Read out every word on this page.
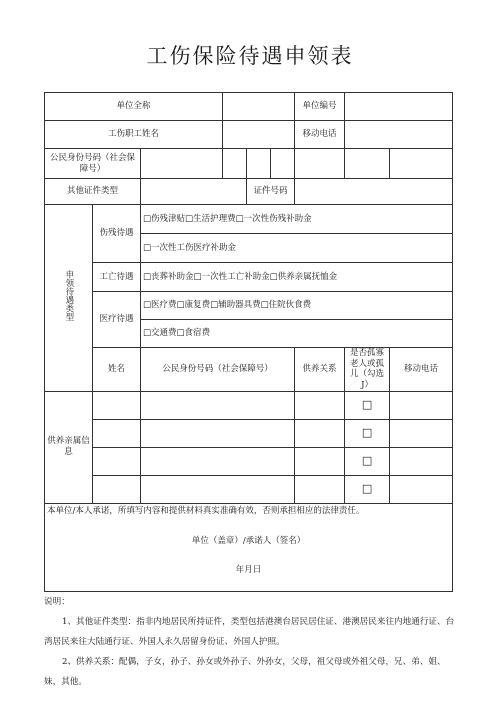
工伤保险待遇申领表
单位全称						单位编号		
工伤职工姓名						移动电话		
公民身份号码（社会保障号）								
其他证件类型				证件号码				
申领待遇类型	伤残待遇	□伤残津贴□生活护理费□一次性伤残补助金						
		□一次性工伤医疗补助金						
	工亡待遇	□丧葬补助金□一次性工亡补助金□供养亲属抚恤金						
	医疗待遇	□医疗费□康复费□辅助器具费□住院伙食费						
		□交通费□食宿费						
	姓名	公民身份号码（社会保障号）				供养关系	是否孤寡老人或孤儿（勾选J）	移动电话
供养亲属信息							□	
							□	
							□	
							□	

本单位/本人承诺，所填写内容和提供材料真实准确有效，否则承担相应的法律责任。
单位（盖章）/承诺人（签名）
年月日								

说明：

1、其他证件类型：指非内地居民所持证件，类型包括港澳台居民居住证、港澳居民来往内地通行证、台湾居民来往大陆通行证、外国人永久居留身份证、外国人护照。

2、供养关系：配偶，子女，孙子、孙女或外孙子、外孙女，父母，祖父母或外祖父母，兄、弟、姐、妹，其他。
